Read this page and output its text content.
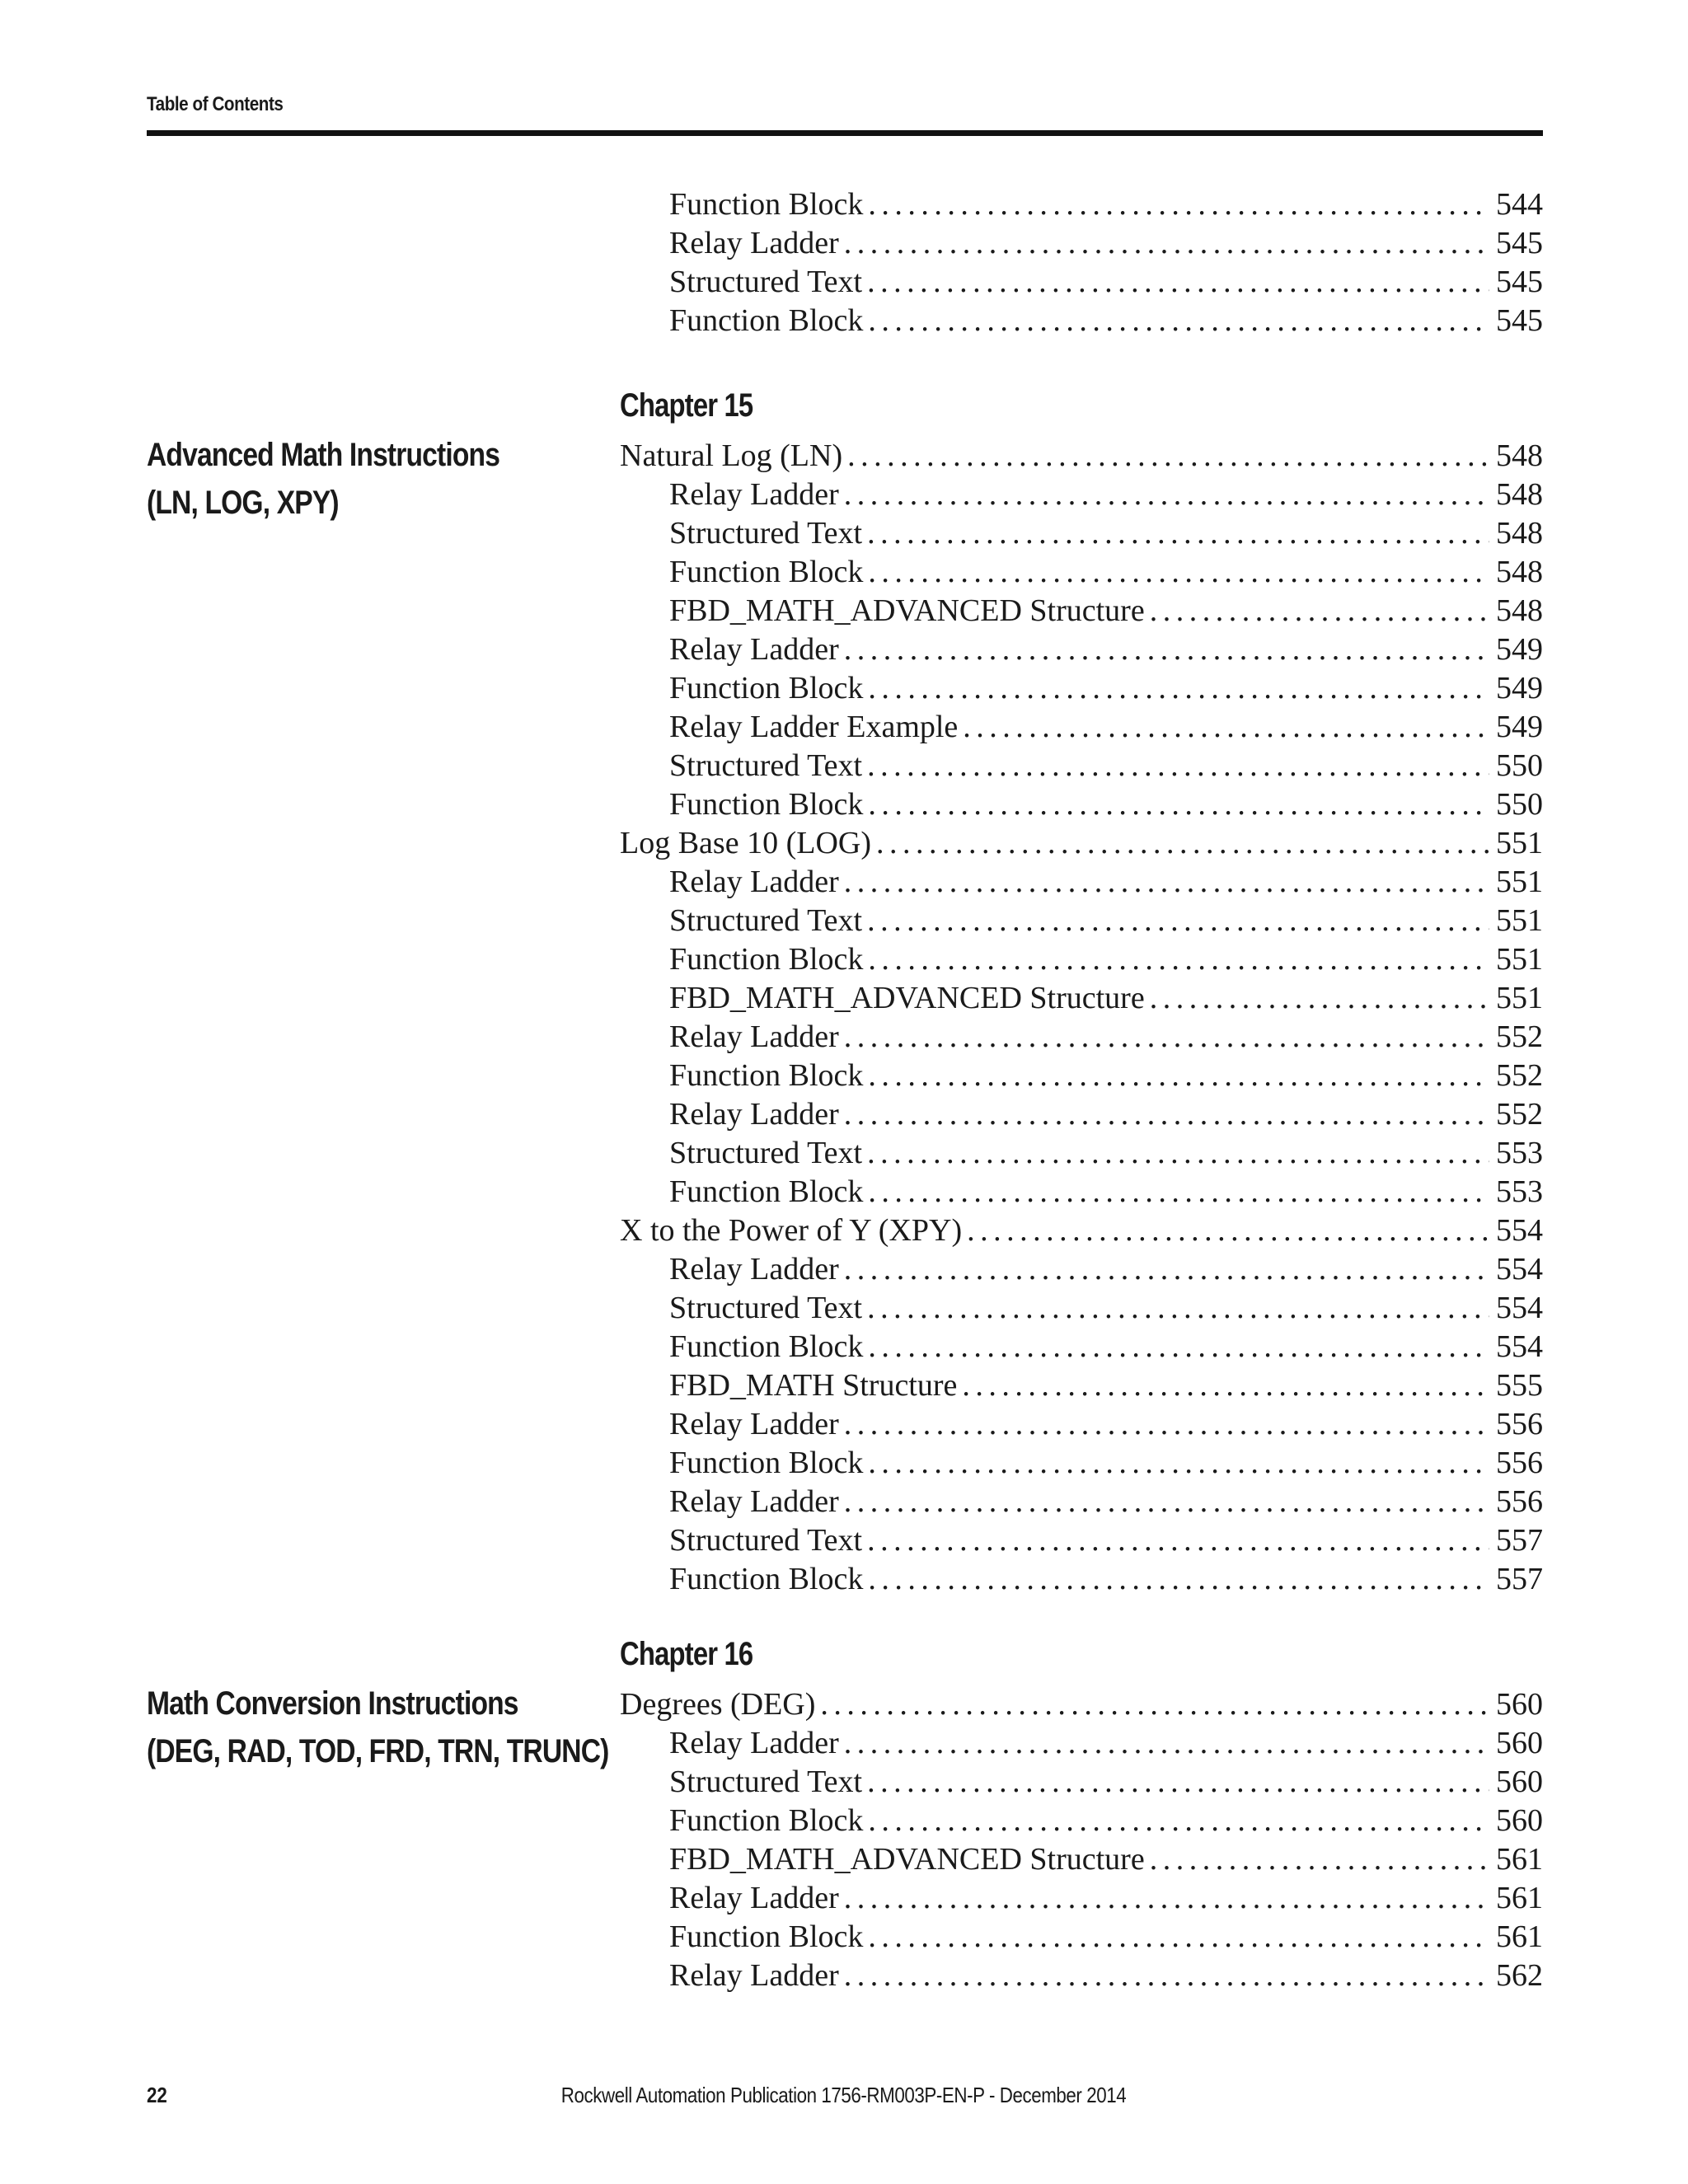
Table of Contents
Function Block . . .	544
Relay Ladder . . .	545
Structured Text . . .	545
Function Block . . .	545
Chapter 15
Advanced Math Instructions
(LN, LOG, XPY)
Natural Log (LN) . . .	548
Relay Ladder . . .	548
Structured Text . . .	548
Function Block . . .	548
FBD_MATH_ADVANCED Structure . . .	548
Relay Ladder . . .	549
Function Block . . .	549
Relay Ladder Example . . .	549
Structured Text . . .	550
Function Block . . .	550
Log Base 10 (LOG) . . .	551
Relay Ladder . . .	551
Structured Text . . .	551
Function Block . . .	551
FBD_MATH_ADVANCED Structure . . .	551
Relay Ladder . . .	552
Function Block . . .	552
Relay Ladder . . .	552
Structured Text . . .	553
Function Block . . .	553
X to the Power of Y (XPY) . . .	554
Relay Ladder . . .	554
Structured Text . . .	554
Function Block . . .	554
FBD_MATH Structure . . .	555
Relay Ladder . . .	556
Function Block . . .	556
Relay Ladder . . .	556
Structured Text . . .	557
Function Block . . .	557
Chapter 16
Math Conversion Instructions
(DEG, RAD, TOD, FRD, TRN, TRUNC)
Degrees (DEG) . . .	560
Relay Ladder . . .	560
Structured Text . . .	560
Function Block . . .	560
FBD_MATH_ADVANCED Structure . . .	561
Relay Ladder . . .	561
Function Block . . .	561
Relay Ladder . . .	562
22	Rockwell Automation Publication 1756-RM003P-EN-P - December 2014
